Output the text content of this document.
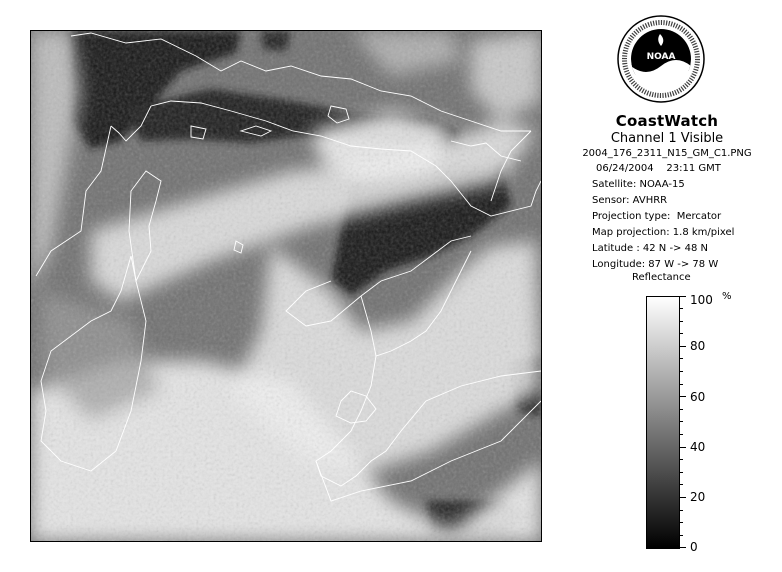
NOAA
CoastWatch
Channel 1 Visible
2004_176_2311_N15_GM_C1.PNG
06/24/2004 23:11 GMT
Satellite: NOAA-15
Sensor: AVHRR
Projection type:  Mercator
Map projection: 1.8 km/pixel
Latitude : 42 N -> 48 N
Longitude: 87 W -> 78 W
Reflectance
%
100
80
60
40
20
0
